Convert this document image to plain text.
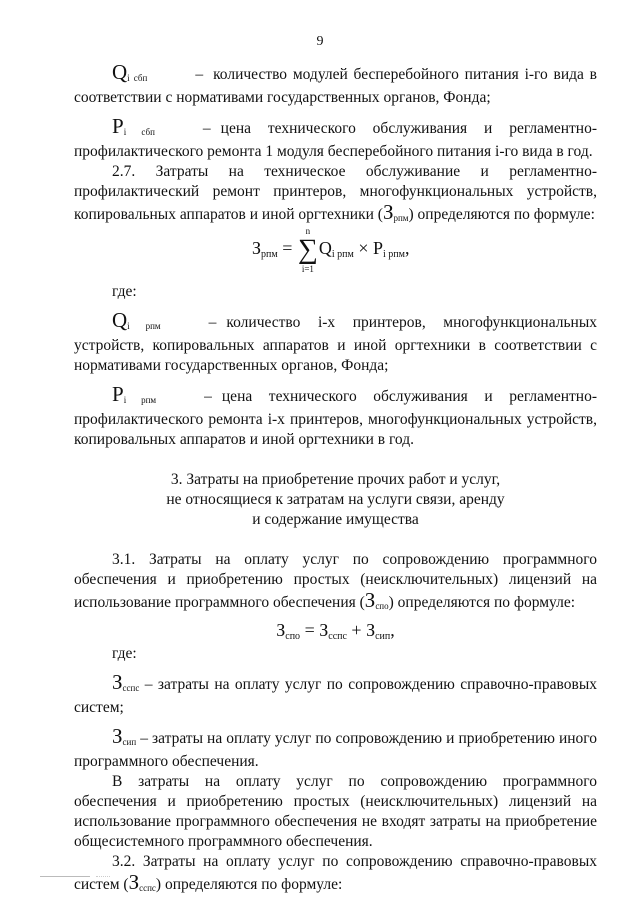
9

$Q_{i сбп}$	– количество модулей бесперебойного питания i-го вида в соответствии с нормативами государственных органов, Фонда;

$P_{i сбп}$	– цена технического обслуживания и регламентно-профилактического ремонта 1 модуля бесперебойного питания i-го вида в год.

2.7. Затраты на техническое обслуживание и регламентно-профилактический ремонт принтеров, многофункциональных устройств, копировальных аппаратов и иной оргтехники $(З_{рпм})$ определяются по формуле:

Зрпм =
n
∑
i=1
Qi рпм × Pi рпм,

где:

$Q_{i рпм}$	– количество i-х принтеров, многофункциональных устройств, копировальных аппаратов и иной оргтехники в соответствии с нормативами государственных органов, Фонда;

$P_{i рпм}$	– цена технического обслуживания и регламентно-профилактического ремонта i-х принтеров, многофункциональных устройств, копировальных аппаратов и иной оргтехники в год.

3. Затраты на приобретение прочих работ и услуг,
не относящиеся к затратам на услуги связи, аренду
и содержание имущества

3.1. Затраты на оплату услуг по сопровождению программного обеспечения и приобретению простых (неисключительных) лицензий на использование программного обеспечения $(З_{спо})$ определяются по формуле:

Зспо = Зсспс + Зсип,

где:

$З_{сспс}$ – затраты на оплату услуг по сопровождению справочно-правовых систем;

$З_{сип}$ – затраты на оплату услуг по сопровождению и приобретению иного программного обеспечения.

В затраты на оплату услуг по сопровождению программного обеспечения и приобретению простых (неисключительных) лицензий на использование программного обеспечения не входят затраты на приобретение общесистемного программного обеспечения.

3.2. Затраты на оплату услуг по сопровождению справочно-правовых систем $(З_{сспс})$ определяются по формуле:
